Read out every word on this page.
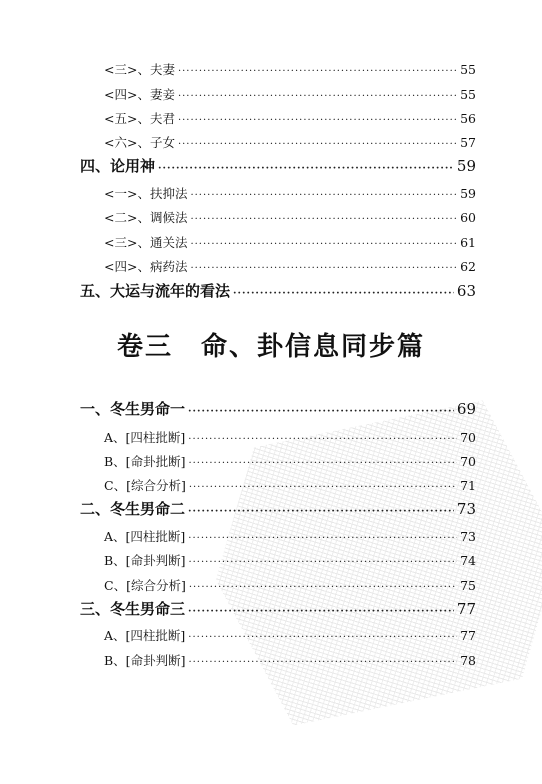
<三>、夫妻 ·····	55
<四>、妻妾 ·····	55
<五>、夫君 ·····	56
<六>、子女 ·····	57
四、论用神 ·····	59
<一>、扶抑法 ·····	59
<二>、调候法 ·····	60
<三>、通关法 ·····	61
<四>、病药法 ·····	62
五、大运与流年的看法 ·····	63
卷三　命、卦信息同步篇
一、冬生男命一 ·····	69
A、[四柱批断] ·····	70
B、[命卦批断] ·····	70
C、[综合分析] ·····	71
二、冬生男命二 ·····	73
A、[四柱批断] ·····	73
B、[命卦判断] ·····	74
C、[综合分析] ·····	75
三、冬生男命三 ·····	77
A、[四柱批断] ·····	77
B、[命卦判断] ·····	78
